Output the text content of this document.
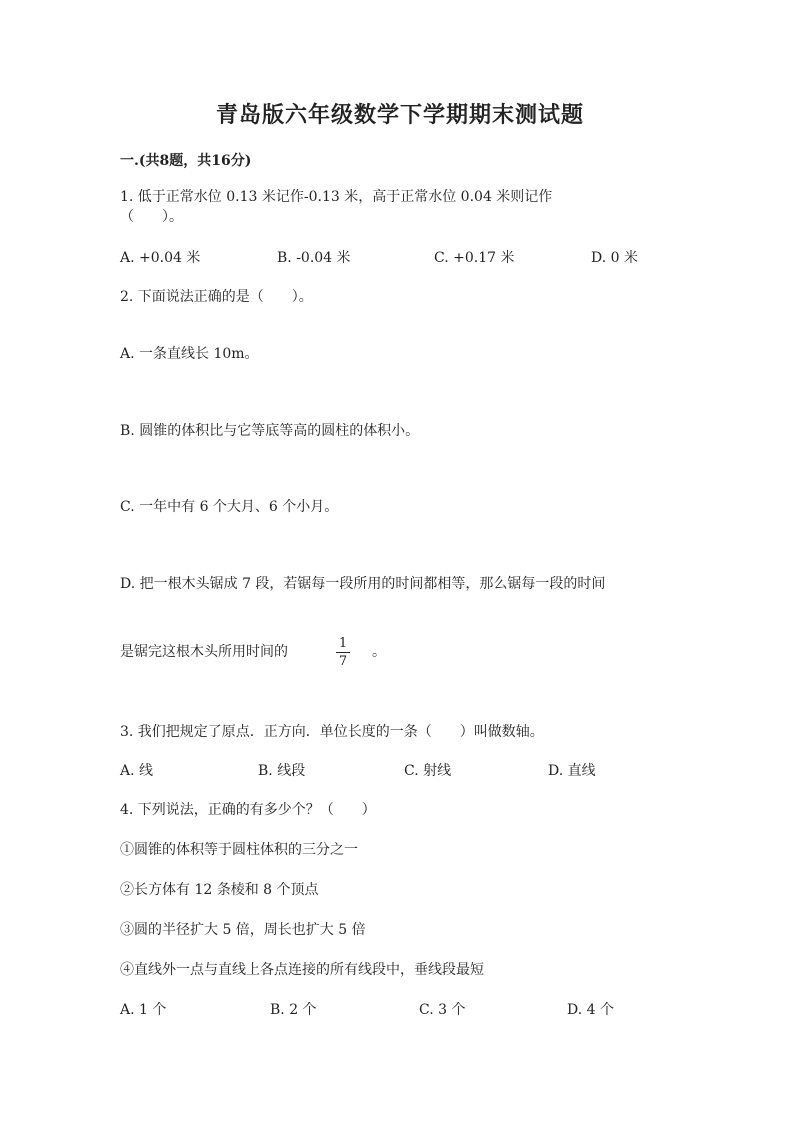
青岛版六年级数学下学期期末测试题
一.(共8题，共16分)
1. 低于正常水位 0.13 米记作-0.13 米，高于正常水位 0.04 米则记作
（　　）。
A. +0.04 米	B. -0.04 米	C. +0.17 米	D. 0 米
2. 下面说法正确的是（　　）。
A. 一条直线长 10m。
B. 圆锥的体积比与它等底等高的圆柱的体积小。
C. 一年中有 6 个大月、6 个小月。
D. 把一根木头锯成 7 段，若锯每一段所用的时间都相等，那么锯每一段的时间
是锯完这根木头所用时间的
1
7
。
3. 我们把规定了原点．正方向．单位长度的一条（　　）叫做数轴。
A. 线	B. 线段	C. 射线	D. 直线
4. 下列说法，正确的有多少个？（　　）
①圆锥的体积等于圆柱体积的三分之一
②长方体有 12 条棱和 8 个顶点
③圆的半径扩大 5 倍，周长也扩大 5 倍
④直线外一点与直线上各点连接的所有线段中，垂线段最短
A. 1 个	B. 2 个	C. 3 个	D. 4 个
